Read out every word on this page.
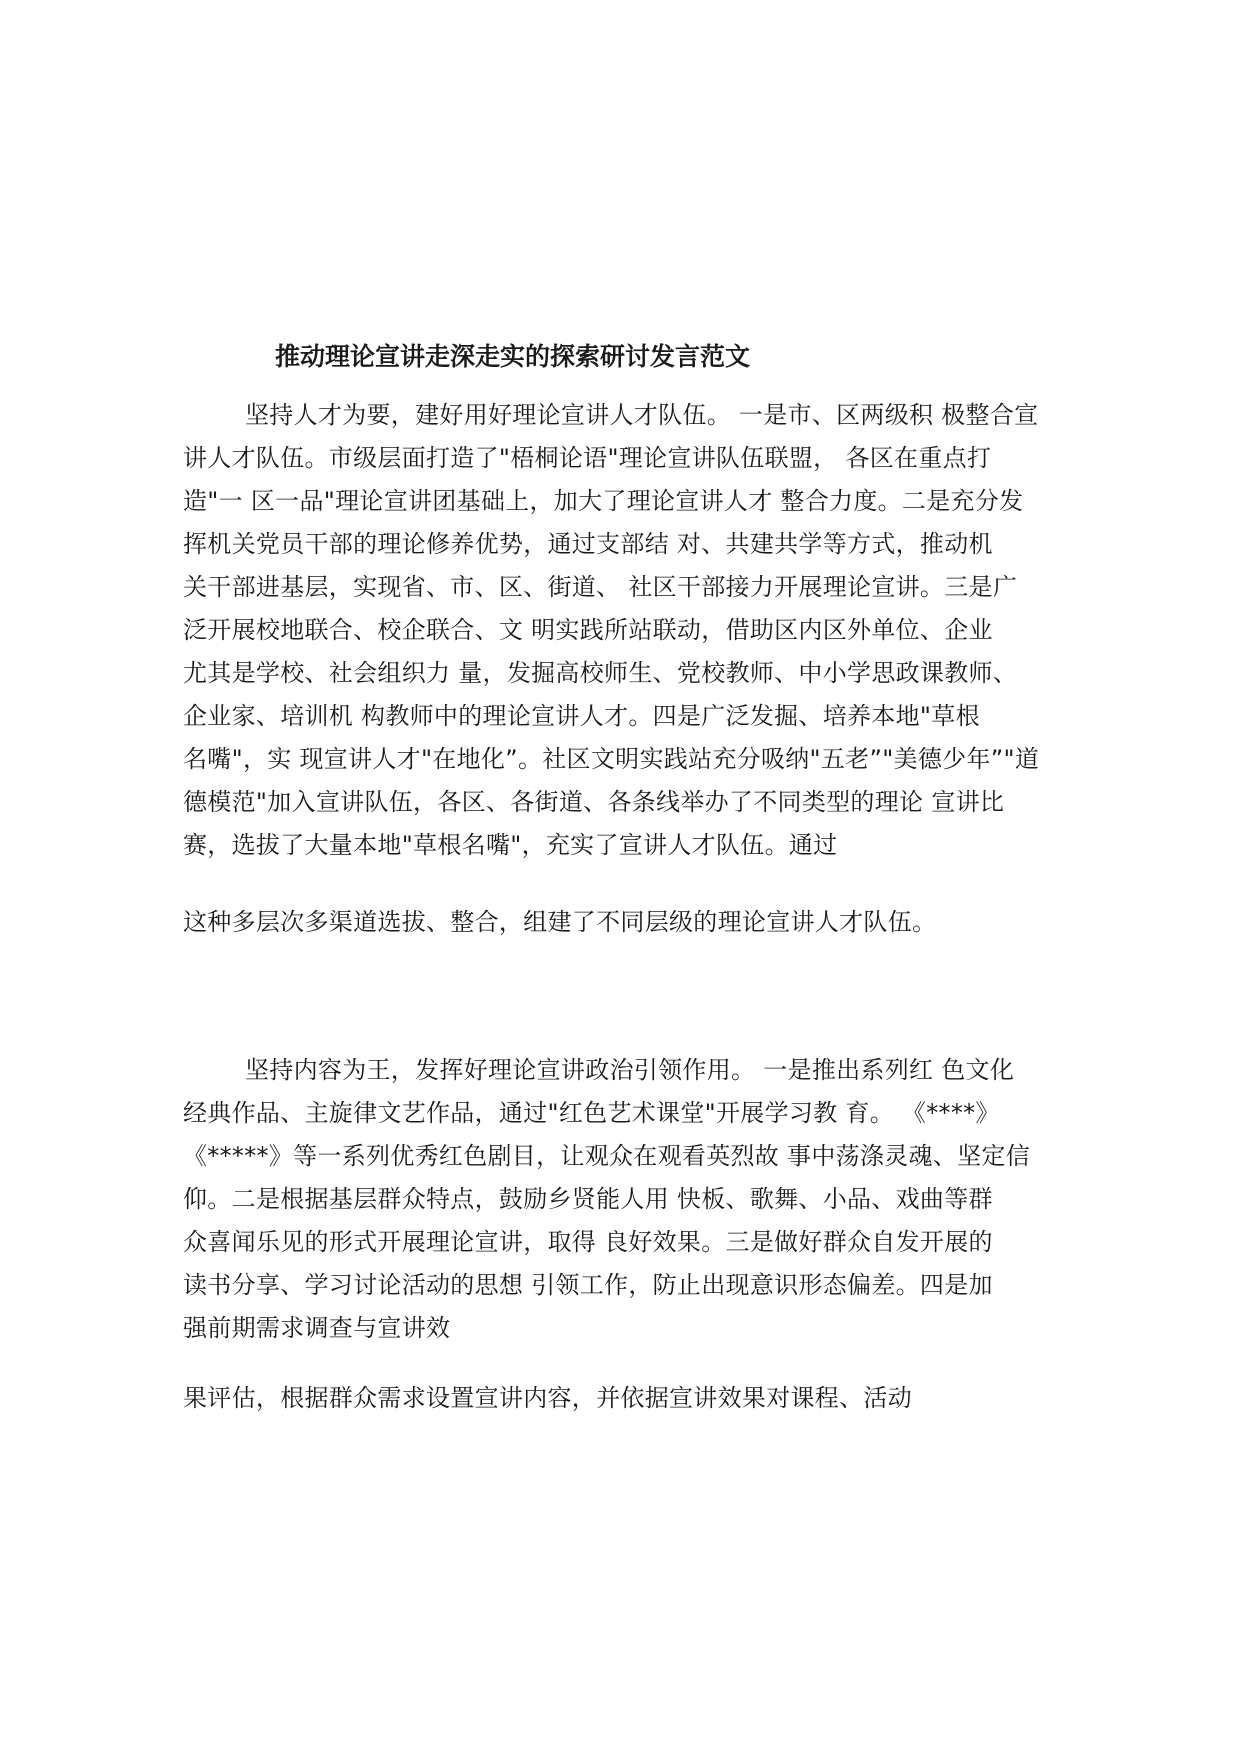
推动理论宣讲走深走实的探索研讨发言范文

坚持人才为要，建好用好理论宣讲人才队伍。 一是市、区两级积 极整合宣

讲人才队伍。市级层面打造了"梧桐论语"理论宣讲队伍联盟， 各区在重点打

造"一 区一品"理论宣讲团基础上，加大了理论宣讲人才 整合力度。二是充分发

挥机关党员干部的理论修养优势，通过支部结 对、共建共学等方式，推动机

关干部进基层，实现省、市、区、街道、 社区干部接力开展理论宣讲。三是广

泛开展校地联合、校企联合、文 明实践所站联动，借助区内区外单位、企业

尤其是学校、社会组织力 量，发掘高校师生、党校教师、中小学思政课教师、

企业家、培训机 构教师中的理论宣讲人才。四是广泛发掘、培养本地"草根

名嘴"，实 现宣讲人才"在地化”。社区文明实践站充分吸纳"五老”"美德少年”"道

德模范"加入宣讲队伍，各区、各街道、各条线举办了不同类型的理论 宣讲比

赛，选拔了大量本地"草根名嘴"，充实了宣讲人才队伍。通过

这种多层次多渠道选拔、整合，组建了不同层级的理论宣讲人才队伍。

坚持内容为王，发挥好理论宣讲政治引领作用。 一是推出系列红 色文化

经典作品、主旋律文艺作品，通过"红色艺术课堂"开展学习教 育。 《****》

《*****》等一系列优秀红色剧目，让观众在观看英烈故 事中荡涤灵魂、坚定信

仰。二是根据基层群众特点，鼓励乡贤能人用 快板、歌舞、小品、戏曲等群

众喜闻乐见的形式开展理论宣讲，取得 良好效果。三是做好群众自发开展的

读书分享、学习讨论活动的思想 引领工作，防止出现意识形态偏差。四是加

强前期需求调查与宣讲效

果评估，根据群众需求设置宣讲内容，并依据宣讲效果对课程、活动
